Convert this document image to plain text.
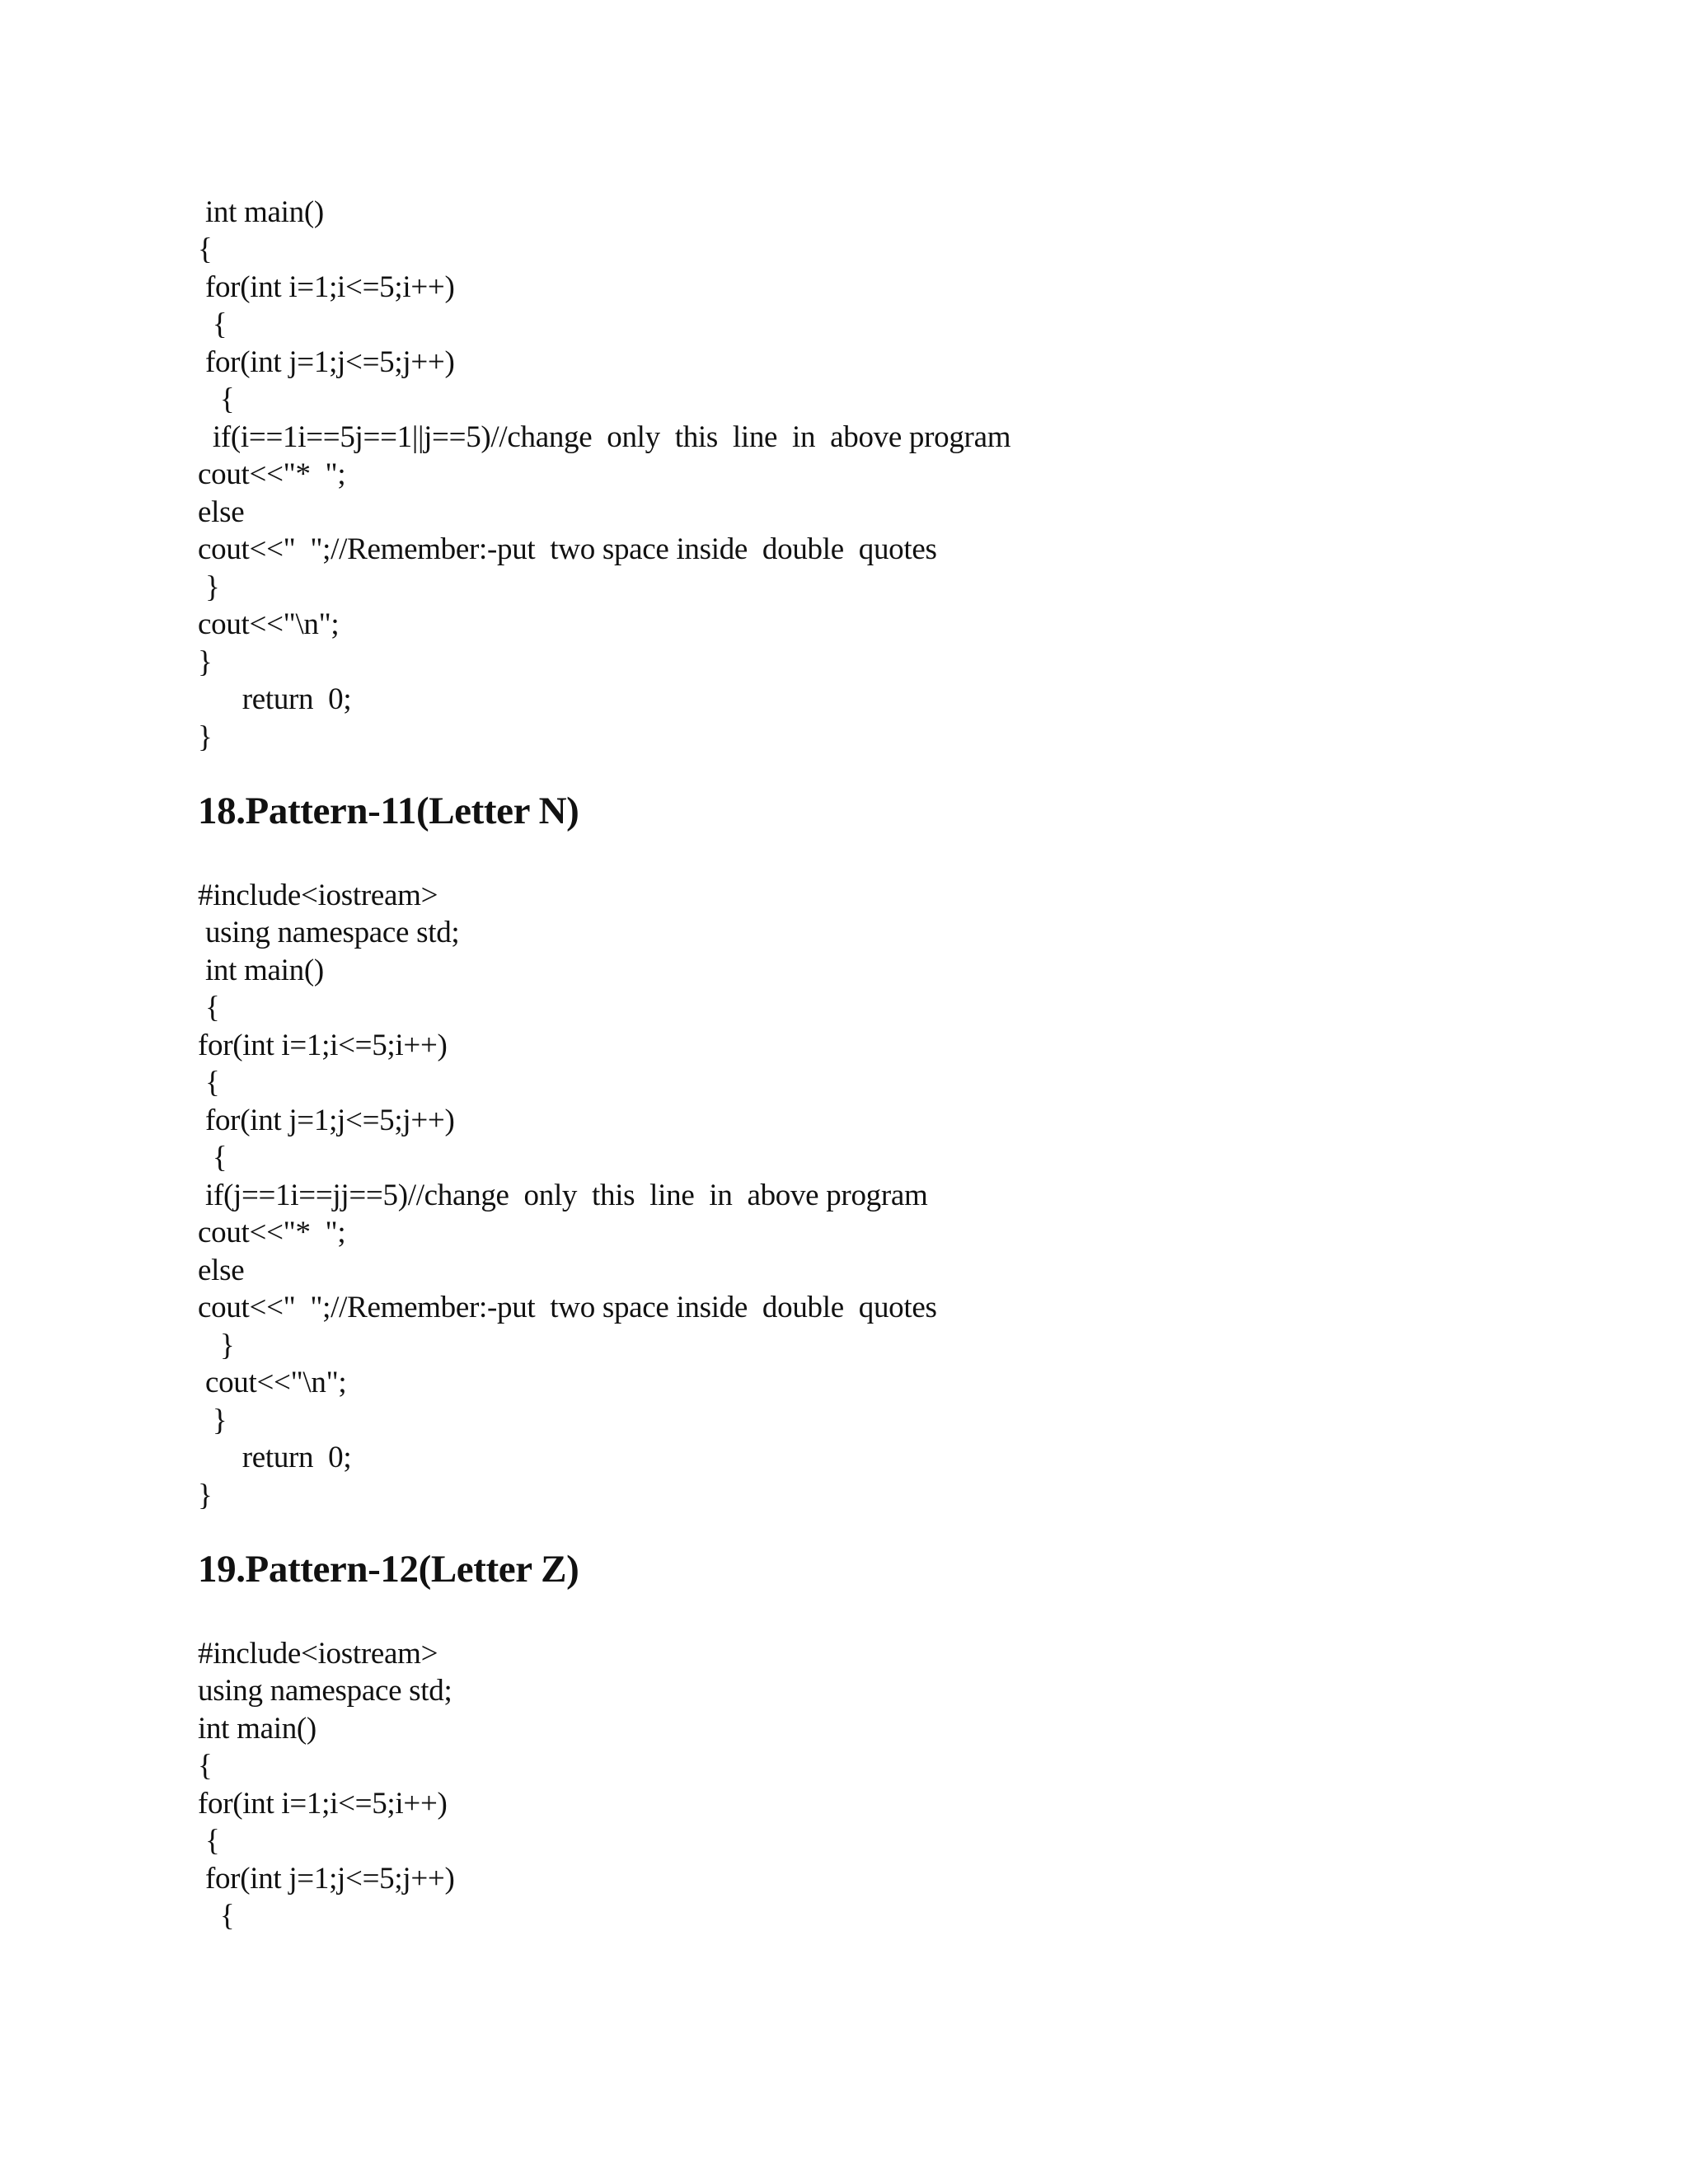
int main()

{

for(int i=1;i<=5;i++)

{

for(int j=1;j<=5;j++)

{

if(i==1i==5j==1||j==5)//change  only  this  line  in  above program

cout<<"*  ";

else

cout<<"  ";//Remember:-put  two space inside  double  quotes

}

cout<<"\n";

}

return  0;

}

18.Pattern-11(Letter N)

#include<iostream>

using namespace std;

int main()

{

for(int i=1;i<=5;i++)

{

for(int j=1;j<=5;j++)

{

if(j==1i==jj==5)//change  only  this  line  in  above program

cout<<"*  ";

else

cout<<"  ";//Remember:-put  two space inside  double  quotes

}

cout<<"\n";

}

return  0;

}

19.Pattern-12(Letter Z)

#include<iostream>

using namespace std;

int main()

{

for(int i=1;i<=5;i++)

{

for(int j=1;j<=5;j++)

{
